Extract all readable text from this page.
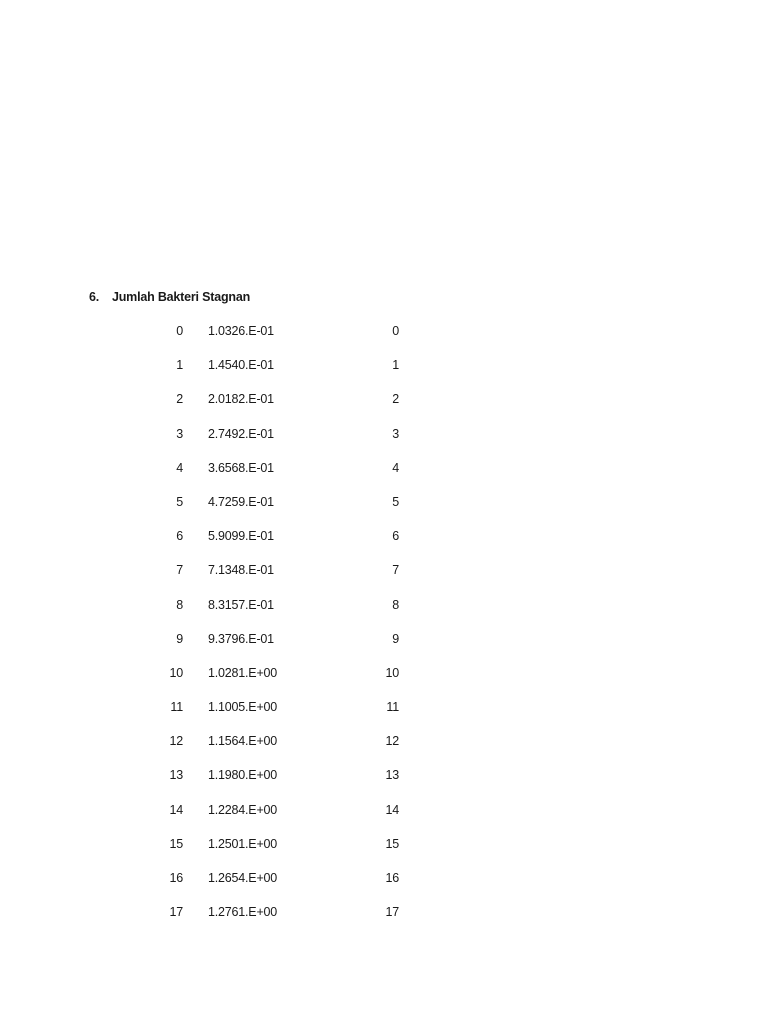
6. Jumlah Bakteri Stagnan
0 1.0326.E-01	0
1 1.4540.E-01	1
2 2.0182.E-01	2
3 2.7492.E-01	3
4 3.6568.E-01	4
5 4.7259.E-01	5
6 5.9099.E-01	6
7 7.1348.E-01	7
8 8.3157.E-01	8
9 9.3796.E-01	9
10 1.0281.E+00	10
11 1.1005.E+00	11
12 1.1564.E+00	12
13 1.1980.E+00	13
14 1.2284.E+00	14
15 1.2501.E+00	15
16 1.2654.E+00	16
17 1.2761.E+00	17
